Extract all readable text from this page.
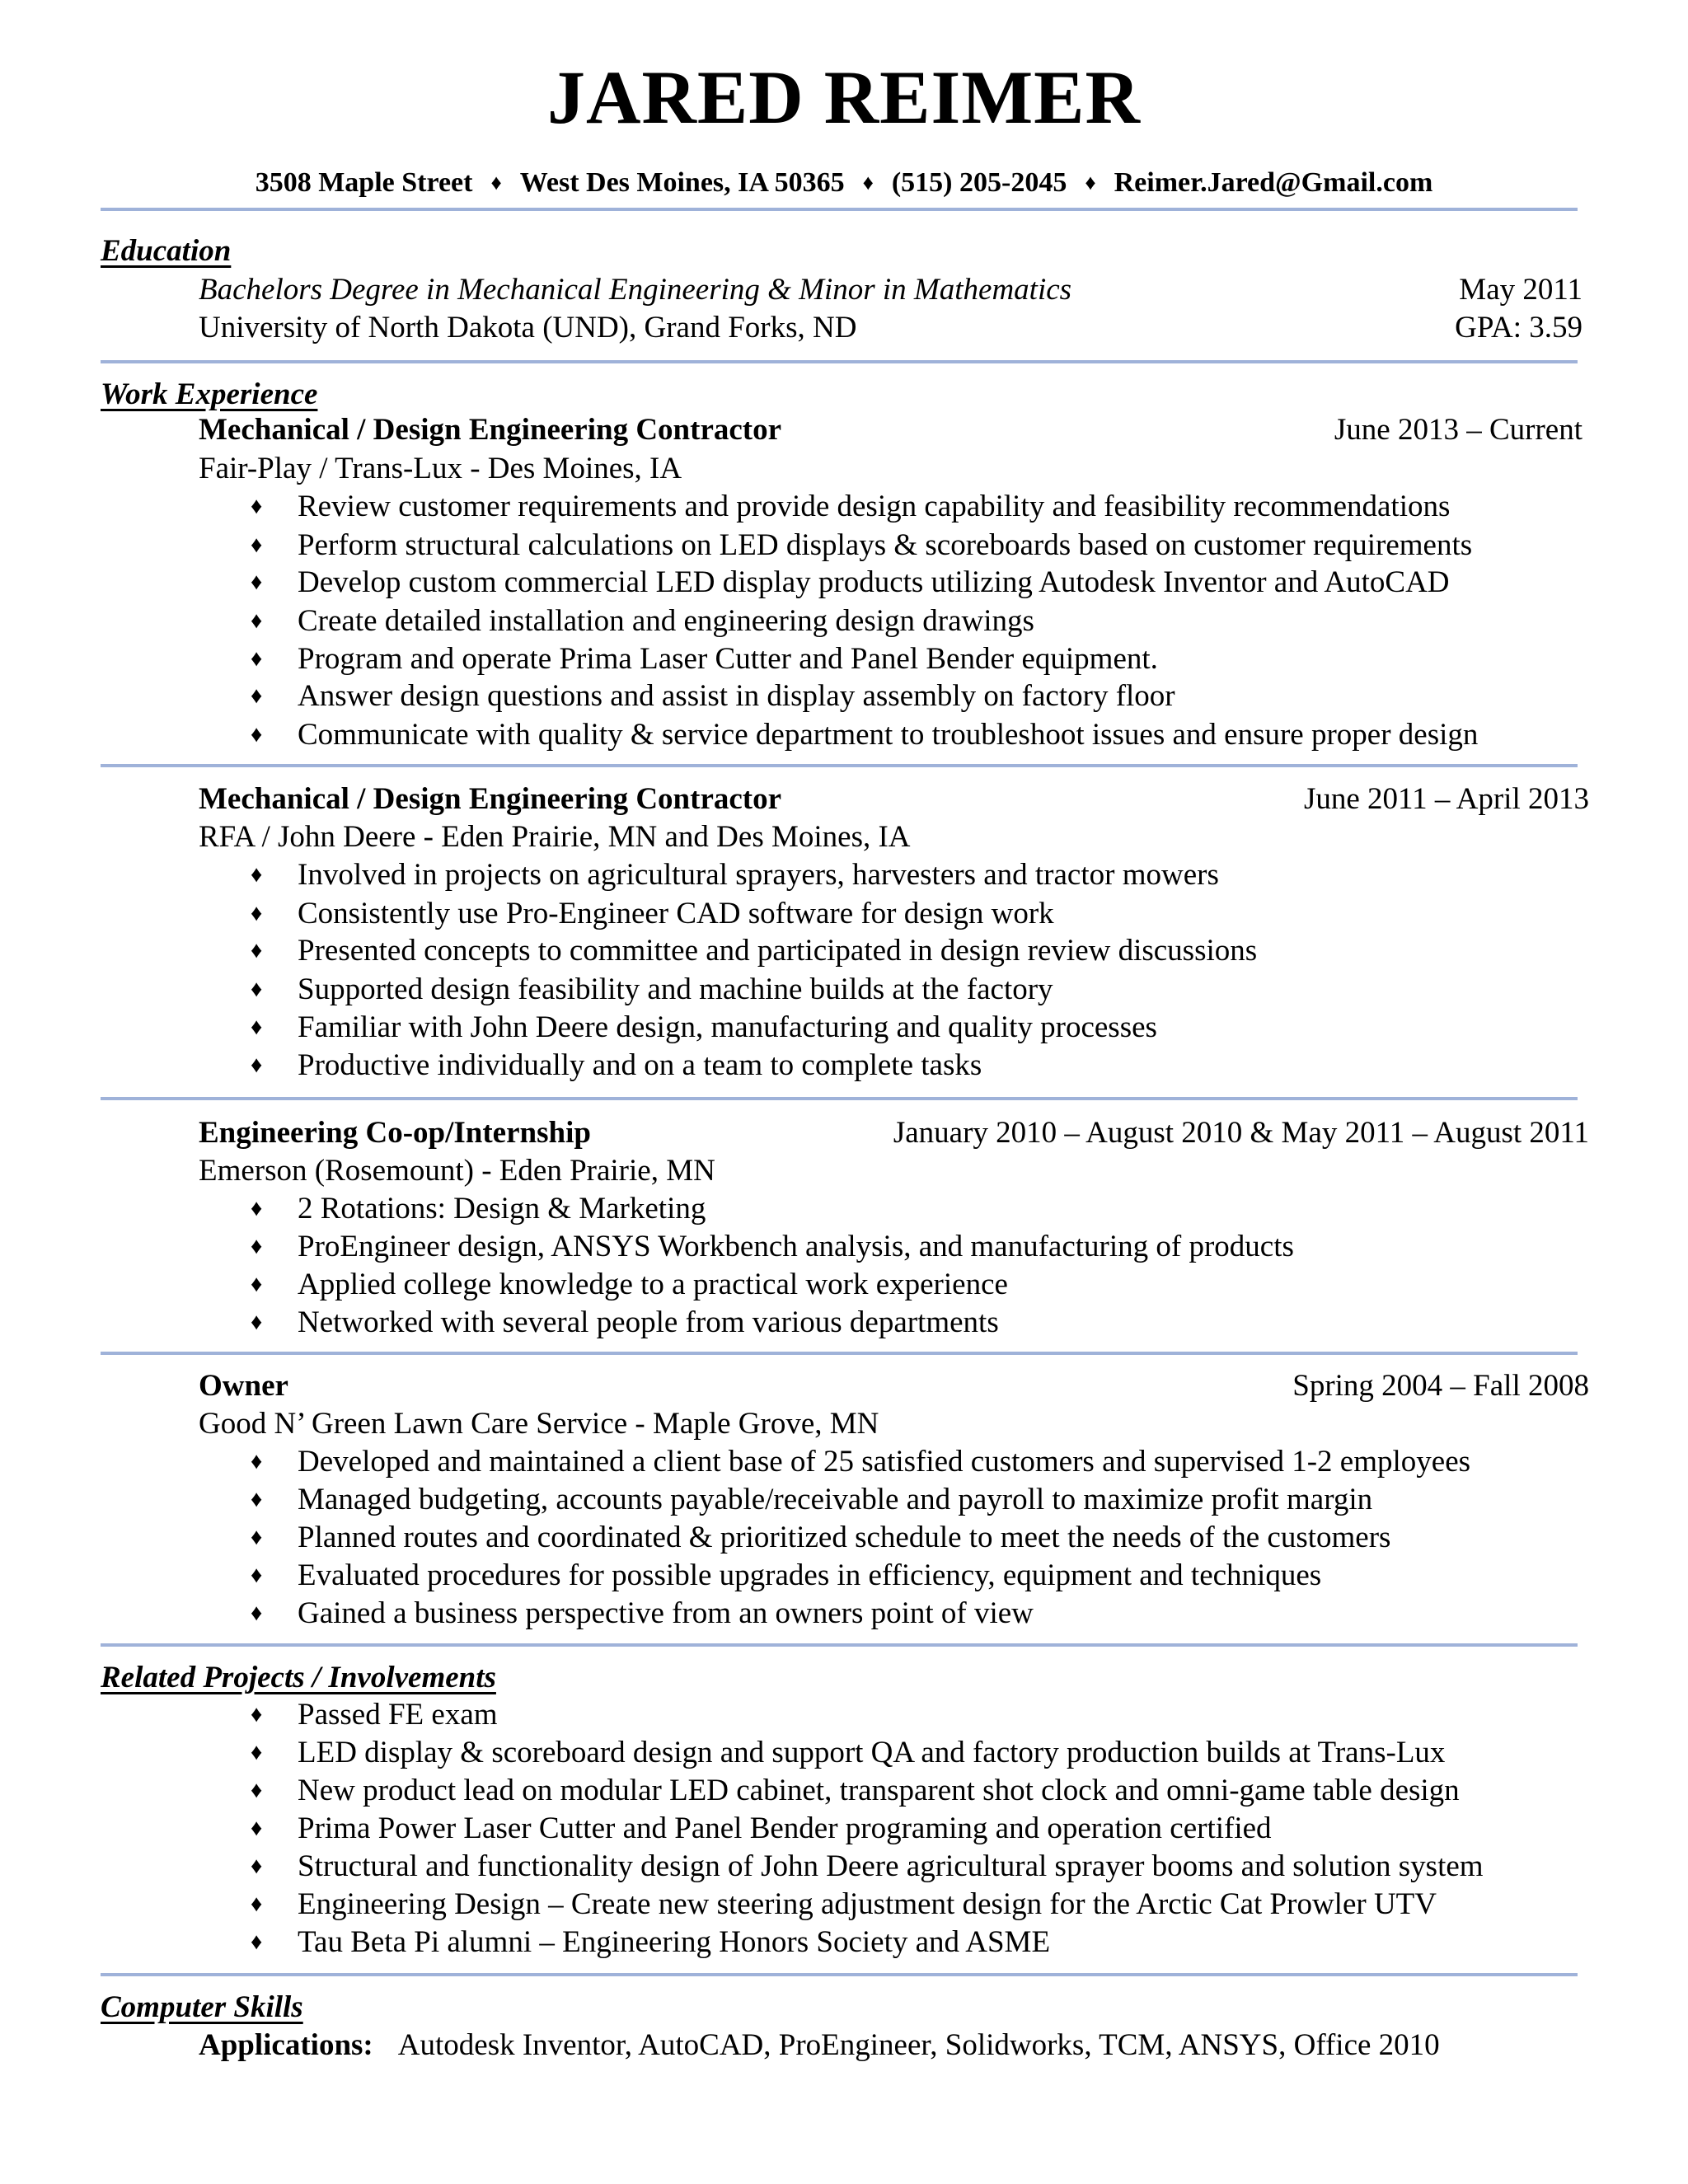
JARED REIMER
3508 Maple Street ♦ West Des Moines, IA 50365 ♦ (515) 205-2045 ♦ Reimer.Jared@Gmail.com
Education
Bachelors Degree in Mechanical Engineering & Minor in Mathematics	May 2011
University of North Dakota (UND), Grand Forks, ND	GPA: 3.59
Work Experience
Mechanical / Design Engineering Contractor	June 2013 – Current
Fair-Play / Trans-Lux - Des Moines, IA
♦ Review customer requirements and provide design capability and feasibility recommendations
♦ Perform structural calculations on LED displays & scoreboards based on customer requirements
♦ Develop custom commercial LED display products utilizing Autodesk Inventor and AutoCAD
♦ Create detailed installation and engineering design drawings
♦ Program and operate Prima Laser Cutter and Panel Bender equipment.
♦ Answer design questions and assist in display assembly on factory floor
♦ Communicate with quality & service department to troubleshoot issues and ensure proper design
Mechanical / Design Engineering Contractor	June 2011 – April 2013
RFA / John Deere - Eden Prairie, MN and Des Moines, IA
♦ Involved in projects on agricultural sprayers, harvesters and tractor mowers
♦ Consistently use Pro-Engineer CAD software for design work
♦ Presented concepts to committee and participated in design review discussions
♦ Supported design feasibility and machine builds at the factory
♦ Familiar with John Deere design, manufacturing and quality processes
♦ Productive individually and on a team to complete tasks
Engineering Co-op/Internship	January 2010 – August 2010 & May 2011 – August 2011
Emerson (Rosemount) - Eden Prairie, MN
♦ 2 Rotations: Design & Marketing
♦ ProEngineer design, ANSYS Workbench analysis, and manufacturing of products
♦ Applied college knowledge to a practical work experience
♦ Networked with several people from various departments
Owner	Spring 2004 – Fall 2008
Good N’ Green Lawn Care Service - Maple Grove, MN
♦ Developed and maintained a client base of 25 satisfied customers and supervised 1-2 employees
♦ Managed budgeting, accounts payable/receivable and payroll to maximize profit margin
♦ Planned routes and coordinated & prioritized schedule to meet the needs of the customers
♦ Evaluated procedures for possible upgrades in efficiency, equipment and techniques
♦ Gained a business perspective from an owners point of view
Related Projects / Involvements
♦ Passed FE exam
♦ LED display & scoreboard design and support QA and factory production builds at Trans-Lux
♦ New product lead on modular LED cabinet, transparent shot clock and omni-game table design
♦ Prima Power Laser Cutter and Panel Bender programing and operation certified
♦ Structural and functionality design of John Deere agricultural sprayer booms and solution system
♦ Engineering Design – Create new steering adjustment design for the Arctic Cat Prowler UTV
♦ Tau Beta Pi alumni – Engineering Honors Society and ASME
Computer Skills
Applications: Autodesk Inventor, AutoCAD, ProEngineer, Solidworks, TCM, ANSYS, Office 2010
